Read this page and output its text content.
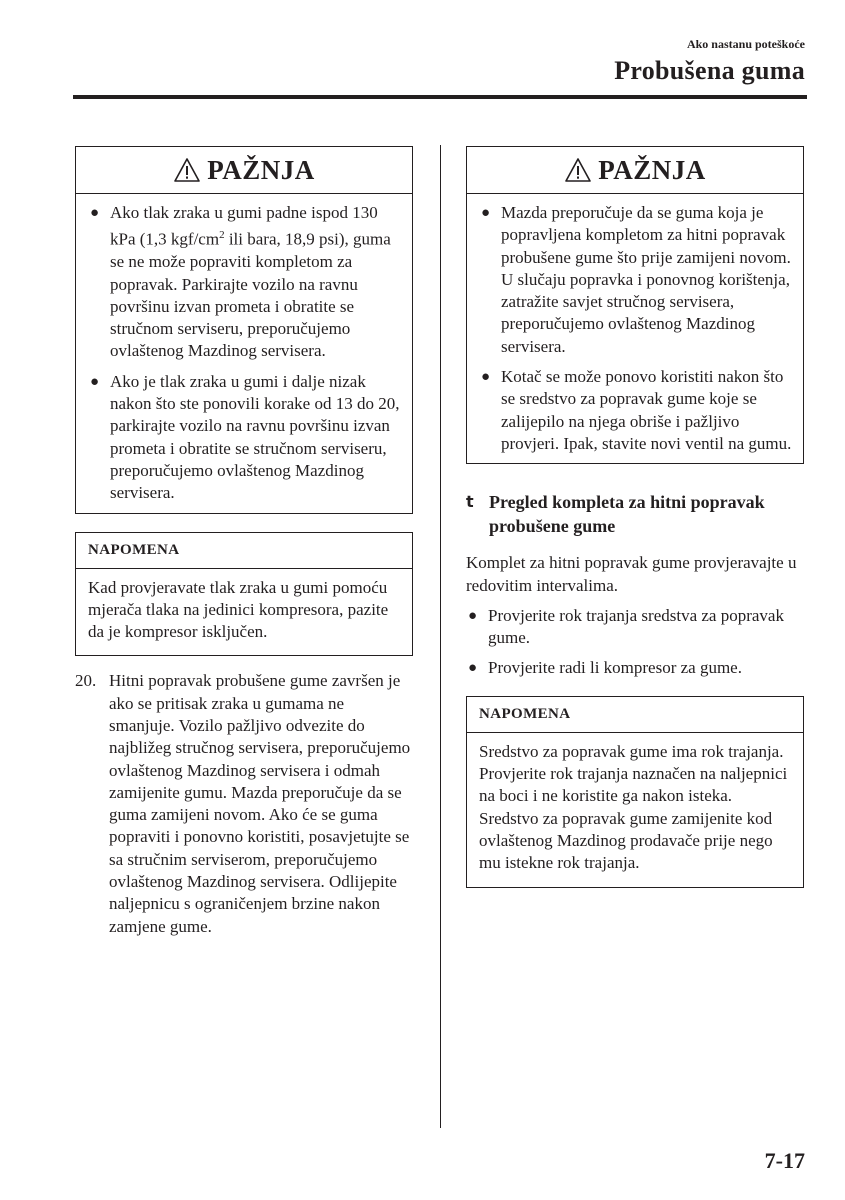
Ako nastanu poteškoće
Probušena guma
PAŽNJA
● Ako tlak zraka u gumi padne ispod 130 kPa (1,3 kgf/$cm^2$ ili bara, 18,9 psi), guma se ne može popraviti kompletom za popravak. Parkirajte vozilo na ravnu površinu izvan prometa i obratite se stručnom serviseru, preporučujemo ovlaštenog Mazdinog servisera.
● Ako je tlak zraka u gumi i dalje nizak nakon što ste ponovili korake od 13 do 20, parkirajte vozilo na ravnu površinu izvan prometa i obratite se stručnom serviseru, preporučujemo ovlaštenog Mazdinog servisera.
NAPOMENA
Kad provjeravate tlak zraka u gumi pomoću mjerača tlaka na jedinici kompresora, pazite da je kompresor isključen.
20. Hitni popravak probušene gume završen je ako se pritisak zraka u gumama ne smanjuje. Vozilo pažljivo odvezite do najbližeg stručnog servisera, preporučujemo ovlaštenog Mazdinog servisera i odmah zamijenite gumu. Mazda preporučuje da se guma zamijeni novom. Ako će se guma popraviti i ponovno koristiti, posavjetujte se sa stručnim serviserom, preporučujemo ovlaštenog Mazdinog servisera. Odlijepite naljepnicu s ograničenjem brzine nakon zamjene gume.
PAŽNJA
● Mazda preporučuje da se guma koja je popravljena kompletom za hitni popravak probušene gume što prije zamijeni novom. U slučaju popravka i ponovnog korištenja, zatražite savjet stručnog servisera, preporučujemo ovlaštenog Mazdinog servisera.
● Kotač se može ponovo koristiti nakon što se sredstvo za popravak gume koje se zalijepilo na njega obriše i pažljivo provjeri. Ipak, stavite novi ventil na gumu.
t Pregled kompleta za hitni popravak probušene gume
Komplet za hitni popravak gume provjeravajte u redovitim intervalima.
● Provjerite rok trajanja sredstva za popravak gume.
● Provjerite radi li kompresor za gume.
NAPOMENA
Sredstvo za popravak gume ima rok trajanja. Provjerite rok trajanja naznačen na naljepnici na boci i ne koristite ga nakon isteka. Sredstvo za popravak gume zamijenite kod ovlaštenog Mazdinog prodavače prije nego mu istekne rok trajanja.
7-17
